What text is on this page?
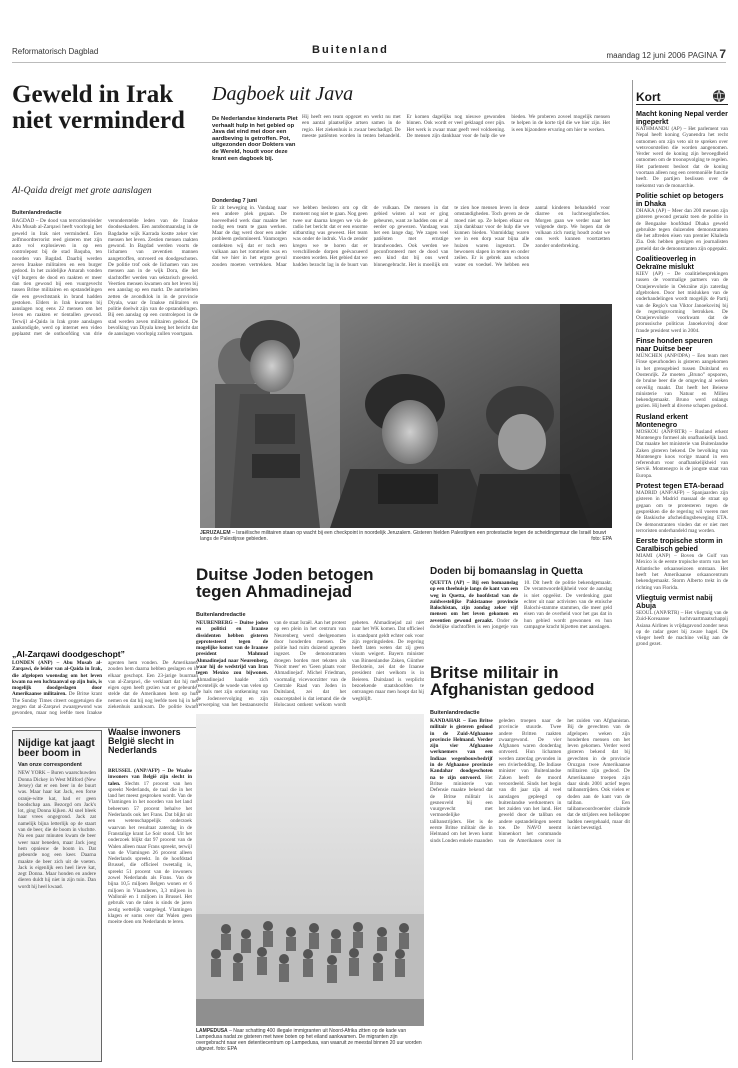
Reformatorisch Dagblad	Buitenland	maandag 12 juni 2006 PAGINA 7
Geweld in Irak niet verminderd
Al-Qaida dreigt met grote aanslagen
Buitenlandredactie
BAGDAD – De dood van terroristenleider Abu Musab al-Zarqawi heeft voorlopig het geweld in Irak niet verminderd. Een zelfmoordterrorist reed gisteren met zijn auto vol explosieven in op een controlepost bij de stad Baquba, ten noorden van Bagdad. Daarbij werden zeven Iraakse militairen en een burger gedood. In het zuidelijke Amarah vonden vijf burgers de dood en raakten er meer dan tien gewond bij een vuurgevecht tussen Britse militairen en opstandelingen die een gevechtstank in brand hadden gestoken. Elders in Irak kwamen bij aanslagen nog eens 22 mensen om het leven en raakten er tientallen gewond. Terwijl al-Qaida in Irak grote aanslagen aankondigde, werd op internet een video geplaatst met de onthoofding van drie veronderstelde leden van de Iraakse doodseskaders. Een autobomaanslag in de Bagdadse wijk Karrada kostte zeker vier mensen het leven. Zestien mensen raakten gewond. In Bagdad werden voorts de lichamen van zeventien mannen aangetroffen, ontvoerd en doodgeschoten. De politie trof ook de lichamen van zes mensen aan in de wijk Dora, die het slachtoffer werden van sektarisch geweld. Veertien mensen kwamen om het leven bij een aanslag op een markt. De autoriteiten zetten de avondklok in in de provincie Diyala, waar de Iraakse militairen en politie doelwit zijn van de opstandelingen. Bij een aanslag op een controlepost in de stad werden zeven militairen gedood. De bevolking van Diyala kreeg het bericht dat de aanslagen voorlopig zullen voortgaan.
„Al-Zarqawi doodgeschopt”
LONDEN (ANP) – Abu Musab al-Zarqawi, de leider van al-Qaida in Irak, die afgelopen woensdag om het leven kwam na een luchtaanval op zijn huis, is mogelijk doodgeslagen door Amerikaanse militairen. De Britse krant The Sunday Times citeert ooggetuigen die zeggen dat al-Zarqawi zwaargewond was gevonden, maar nog leefde toen Iraakse agenten hem vonden. De Amerikanen zouden hem daarna hebben geslagen en in elkaar geschopt. Een 23-jarige buurman van al-Zarqawi, die verklaart dat hij met eigen ogen heeft gezien wat er gebeurde, stelde dat de Amerikanen hem op hun nemen en dat hij nog leefde toen hij in het ziekenhuis aankwam. De politie kwam
Dagboek uit Java
De Nederlandse kinderarts Piet verhaalt hulp in het gebied op Java dat eind mei door een aardbeving is getroffen. Pot, uitgezonden door Dokters van de Wereld, houdt voor deze krant een dagboek bij.
Donderdag 7 juni
Er zit beweging in. Vandaag naar een andere plek gegaan. De hoeveelheid werk daar maakte het nodig een team te gaan werken. Maar de dag werd door een ander probleem gedomineerd. Vanmorgen ontdekten wij dat er toch een vulkaan aan het rommelen was en dat we hier in het ergste geval zouden moeten vertrekken. Maar we hebben besloten om op dit moment nog niet te gaan. Nog geen twee uur daarna kregen we via de radio het bericht dat er een enorme uitbarsting was geweest. Het team was onder de indruk. Via de zender kregen we te horen dat er verschillende dorpen geëvacueerd moesten worden. Het gebied dat we hadden bezocht lag in de buurt van de vulkaan. De mensen in dat gebied wisten al wat er ging gebeuren, want ze hadden ons er al eerder op gewezen. Vandaag was het een lange dag. We zagen veel patiënten met ernstige brandwonden. Ook werden we geconfronteerd met de dood van een kind dat bij ons werd binnengebracht. Het is moeilijk om te zien hoe mensen leven in deze omstandigheden. Toch geven ze de moed niet op. Ze helpen elkaar en zijn dankbaar voor de hulp die we kunnen bieden. Vanmiddag waren we in een dorp waar bijna alle huizen waren ingestort. De bewoners slapen in tenten en onder zeilen. Er is gebrek aan schoon water en voedsel. We hebben een aantal kinderen behandeld voor diarree en luchtweginfecties. Morgen gaan we verder naar het volgende dorp. We hopen dat de vulkaan zich rustig houdt zodat we ons werk kunnen voortzetten zonder onderbreking.
Hij heeft een team opgezet en werkt nu met een aantal plaatselijke artsen samen in de regio. Het ziekenhuis is zwaar beschadigd. De meeste patiënten worden in tenten behandeld. Er komen dagelijks nog nieuwe gewonden binnen. Ook wordt er veel geklaagd over pijn. Het werk is zwaar maar geeft veel voldoening. De mensen zijn dankbaar voor de hulp die we bieden. We proberen zoveel mogelijk mensen te helpen in de korte tijd die we hier zijn. Het is een bijzondere ervaring om hier te werken.
JERUZALEM – Israëlische militairen staan op wacht bij een checkpoint in noordelijk Jeruzalem. Gisteren hielden Palestijnen een protestactie tegen de scheidingsmuur die Israël bouwt langs de Palestijnse gebieden.	foto: EPA
Duitse Joden betogen tegen Ahmadinejad
Buitenlandredactie
NEURENBERG – Duitse joden en politici en Iraanse dissidenten hebben gisteren geprotesteerd tegen de mogelijke komst van de Iraanse president Mahmud Ahmadinejad naar Neurenberg, waar hij de wedstrijd van Iran tegen Mexico zou bijwonen. Ahmadinejad haalde zich recentelijk de woede van velen op de hals met zijn ontkenning van de Jodenvervolging en zijn verwerping van het bestaansrecht van de staat Israël. Aan het protest op een plein in het centrum van Neurenberg werd deelgenomen door honderden mensen. De politie had ruim duizend agenten ingezet. De demonstranten droegen borden met teksten als 'Nooit meer' en 'Geen plaats voor Ahmadinejad'. Michel Friedman, voormalig vicevoorzitter van de Centrale Raad van Joden in Duitsland, zei dat het onacceptabel is dat iemand die de Holocaust ontkent welkom wordt geheten. Ahmadinejad zal niet naar het WK komen. Dat officieel is standpunt geldt echter ook voor zijn regeringsleden. De regering heeft laten weten dat zij geen visum weigert. Bayern minister van Binnenlandse Zaken, Günther Beckstein, zei dat de Iraanse president niet welkom is in Beieren. Duitsland is verplicht bezoekende staatshoofden te ontvangen maar men hoopt dat hij wegblijft.
Doden bij bomaanslag in Quetta
QUETTA (AP) – Bij een bomaanslag op een theehuisje langs de kant van een weg in Quetta, de hoofdstad van de zuidwestelijke Pakistaanse provincie Balochistan, zijn zondag zeker vijf mensen om het leven gekomen en zeventien gewond geraakt. Onder de dodelijke slachtoffers is een jongetje van 10. Dit heeft de politie bekendgemaakt. De verantwoordelijkheid voor de aanslag is niet opgeëist. De verdenking gaat echter uit naar activisten van de etnische Balochi-stamme stammen, die meer geld eisen van de overheid voor het gas dat in hun gebied wordt gewonnen en hun campagne kracht bijzetten met aanslagen.
Britse militair in Afghanistan gedood
Buitenlandredactie
KANDAHAR – Een Britse militair is gisteren gedood in de Zuid-Afghaanse provincie Helmand. Verder zijn vier Afghaanse werknemers van een Indiaas wegenbouwbedrijf in de Afghaanse provincie Kandahar doodgeschoten na te zijn ontvoerd. Het Britse ministerie van Defensie maakte bekend dat de Britse militair is gesneuveld bij een vuurgevecht met vermoedelijke talibanstrijders. Het is de eerste Britse militair die in Helmand om het leven komt sinds Londen enkele maanden geleden troepen naar de provincie stuurde. Twee andere Britten raakten zwaargewond. De vier Afghanen waren donderdag ontvoerd. Hun lichamen werden zaterdag gevonden in een rivierbedding. De Indiase minister van Buitenlandse Zaken heeft de moord veroordeeld. Sinds het begin van dit jaar zijn al veel aanslagen gepleegd op buitenlandse werknemers in het zuiden van het land. Het geweld door de taliban en andere opstandelingen neemt toe. De NAVO neemt binnenkort het commando van de Amerikanen over in het zuiden van Afghanistan. Bij de gevechten van de afgelopen weken zijn honderden mensen om het leven gekomen. Verder werd gisteren bekend dat bij gevechten in de provincie Oruzgan twee Amerikaanse militairen zijn gedood. De Amerikaanse troepen zijn daar sinds 2001 actief tegen talibanstrijders. Ook vielen er doden aan de kant van de taliban. Een talibanwoordvoerder claimde dat de strijders een helikopter hadden neergehaald, maar dit is niet bevestigd.
Waalse inwoners België slecht in Nederlands
BRUSSEL (ANP/AFP) – De Waalse inwoners van België zijn slecht in talen. Slechts 17 procent van hen spreekt Nederlands, de taal die in het land het meest gesproken wordt. Van de Vlamingen in het noorden van het land beheersen 57 procent behalve het Nederlands ook het Frans. Dat blijkt uit een wetenschappelijk onderzoek waarvan het resultaat zaterdag in de Franstalige krant Le Soir stond. Uit het onderzoek blijkt dat 97 procent van de Walen alleen maar Frans spreekt, terwijl van de Vlamingen 26 procent alleen Nederlands spreekt. In de hoofdstad Brussel, die officieel tweetalig is, spreekt 51 procent van de inwoners zowel Nederlands als Frans. Van de bijna 10,5 miljoen Belgen wonen er 6 miljoen in Vlaanderen, 3,3 miljoen in Wallonië en 1 miljoen in Brussel. Het gebruik van de talen is sinds de jaren zestig wettelijk vastgelegd. Vlamingen klagen er soms over dat Walen geen moeite doen om Nederlands te leren.
Nijdige kat jaagt beer boom in
Van onze correspondent
NEW YORK – Buren waarschuwden Donna Dickey in West Milford (New Jersey) dat er een beer in de buurt was. Maar haar kat Jack, een forse oranje-witte kat, had er geen boodschap aan. Bezorgd om Jack's lot, ging Donna kijken. Al snel bleek haar vrees ongegrond. Jack zat namelijk bijna letterlijk op de staart van de beer, die de boom in vluchtte. Na een paar minuten kwam de beer weer naar beneden, maar Jack joeg hem opnieuw de boom in. Dat gebeurde nog een keer. Daarna maakte de beer zich uit de voeten. Jack is eigenlijk een heel lieve kat, zegt Donna. Maar honden en andere dieren duldt hij niet in zijn tuin. Dan wordt hij heel kwaad.
LAMPEDUSA – Naar schatting 400 illegale immigranten uit Noord-Afrika zitten op de kade van Lampedusa nadat ze gisteren met twee boten op het eiland aankwamen. De migranten zijn overgebracht naar een detentiecentrum op Lampedusa, van waaruit ze meestal binnen 20 uur worden uitgezet. foto: EPA
Kort
Macht koning Nepal verder ingeperkt
KATHMANDU (AP) – Het parlement van Nepal heeft koning Gyanendra het recht ontnomen om zijn veto uit te spreken over wetsvoorstellen die worden aangenomen. Verder werd de koning zijn bevoegdheid ontnomen om de troonopvolging te regelen. Het parlement besloot dat de koning voortaan alleen nog een ceremoniële functie heeft. De partijen beslissen over de toekomst van de monarchie.
Politie schiet op betogers in Dhaka
DHAKA (AP) – Meer dan 200 mensen zijn gisteren gewond geraakt toen de politie in de Bengaalse hoofdstad Dhaka geweld gebruikte tegen duizenden demonstranten die het aftreden eisen van premier Khaleda Zia. Ook hebben getuigen en journalisten gemeld dat de demonstranten zijn opgepakt.
Coalitieoverleg in Oekraïne mislukt
KIEV (AP) – De coalitiebesprekingen tussen de voormalige partners van de Oranjerevolutie in Oekraïne zijn zaterdag afgebroken. Door het mislukken van de onderhandelingen wordt mogelijk de Partij van de Regio's van Viktor Janoekovitsj bij de regeringsvorming betrokken. De Oranjerevolutie voorkwam dat de prorussische politicus Janoekovitsj door fraude president werd in 2004.
Finse honden speuren naar Duitse beer
MÜNCHEN (ANP/DPA) – Een team met Finse speurhonden is gisteren aangekomen in het grensgebied tussen Duitsland en Oostenrijk. Ze moeten „Bruno” opsporen, de bruine beer die de omgeving al weken onveilig maakt. Dat heeft het Beierse ministerie van Natuur en Milieu bekendgemaakt. Bruno werd onlangs gezien. Hij heeft al diverse schapen gedood.
Rusland erkent Montenegro
MOSKOU (ANP/RTR) – Rusland erkent Montenegro formeel als onafhankelijk land. Dat maakte het ministerie van Buitenlandse Zaken gisteren bekend. De bevolking van Montenegro koos vorige maand in een referendum voor onafhankelijkheid van Servië. Montenegro is de jongste staat van Europa.
Protest tegen ETA-beraad
MADRID (ANP/AFP) – Spanjaarden zijn gisteren in Madrid massaal de straat op gegaan om te protesteren tegen de gesprekken die de regering wil voeren met de Baskische afscheidingsbeweging ETA. De demonstranten vinden dat er niet met terroristen onderhandeld mag worden.
Eerste tropische storm in Caraïbisch gebied
MIAMI (ANP) – Boven de Golf van Mexico is de eerste tropische storm van het Atlantische orkaanseizoen ontstaan. Het heeft het Amerikaanse orkaancentrum bekendgemaakt. Storm Alberto trekt in de richting van Florida.
Vliegtuig vermist nabij Abuja
SEOUL (ANP/RTR) – Het vliegtuig van de Zuid-Koreaanse luchtvaartmaatschappij Asiana Airlines is vrijdagavond zonder neus op de radar gezet bij zware hagel. De vlieger heeft de machine veilig aan de grond gezet.
